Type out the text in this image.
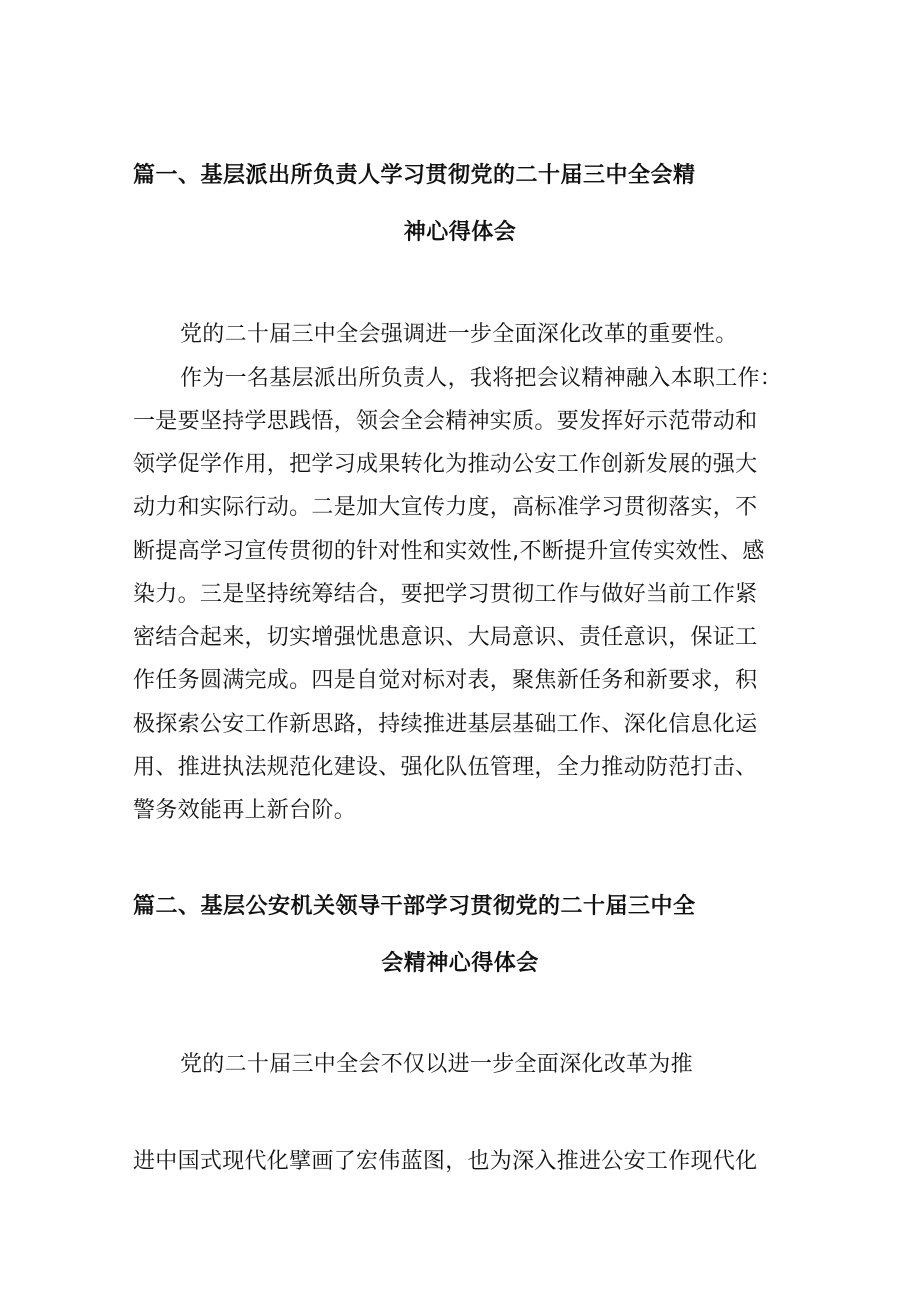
篇一、基层派出所负责人学习贯彻党的二十届三中全会精
神心得体会
党的二十届三中全会强调进一步全面深化改革的重要性。
作为一名基层派出所负责人，我将把会议精神融入本职工作：
一是要坚持学思践悟，领会全会精神实质。要发挥好示范带动和
领学促学作用，把学习成果转化为推动公安工作创新发展的强大
动力和实际行动。二是加大宣传力度，高标准学习贯彻落实，不
断提高学习宣传贯彻的针对性和实效性,不断提升宣传实效性、感
染力。三是坚持统筹结合，要把学习贯彻工作与做好当前工作紧
密结合起来，切实增强忧患意识、大局意识、责任意识，保证工
作任务圆满完成。四是自觉对标对表，聚焦新任务和新要求，积
极探索公安工作新思路，持续推进基层基础工作、深化信息化运
用、推进执法规范化建设、强化队伍管理，全力推动防范打击、
警务效能再上新台阶。
篇二、基层公安机关领导干部学习贯彻党的二十届三中全
会精神心得体会
党的二十届三中全会不仅以进一步全面深化改革为推
进中国式现代化擘画了宏伟蓝图，也为深入推进公安工作现代化
